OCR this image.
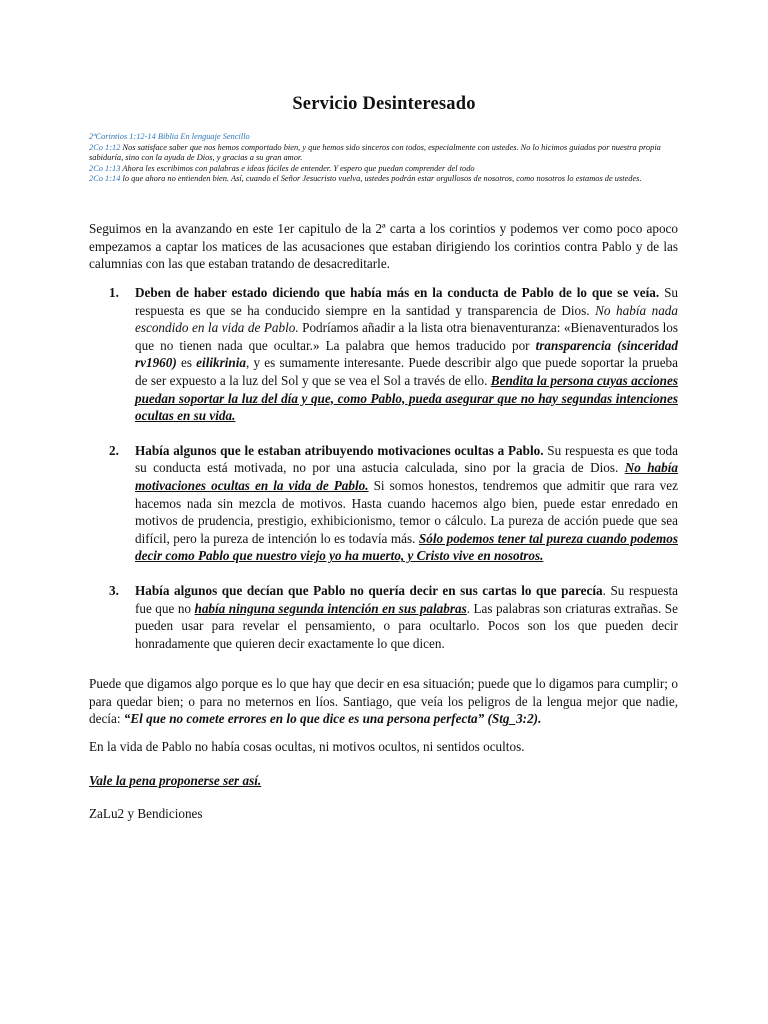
Servicio Desinteresado
2ªCorintios 1:12-14 Biblia En lenguaje Sencillo
2Co 1:12 Nos satisface saber que nos hemos comportado bien, y que hemos sido sinceros con todos, especialmente con ustedes. No lo hicimos guiados por nuestra propia sabiduría, sino con la ayuda de Dios, y gracias a su gran amor.
2Co 1:13 Ahora les escribimos con palabras e ideas fáciles de entender. Y espero que puedan comprender del todo
2Co 1:14 lo que ahora no entienden bien. Así, cuando el Señor Jesucristo vuelva, ustedes podrán estar orgullosos de nosotros, como nosotros lo estamos de ustedes.
Seguimos en la avanzando en este 1er capitulo de la 2ª carta a los corintios y podemos ver como poco apoco empezamos a captar los matices de las acusaciones que estaban dirigiendo los corintios contra Pablo y de las calumnias con las que estaban tratando de desacreditarle.
1. Deben de haber estado diciendo que había más en la conducta de Pablo de lo que se veía. Su respuesta es que se ha conducido siempre en la santidad y transparencia de Dios. No había nada escondido en la vida de Pablo. Podríamos añadir a la lista otra bienaventuranza: «Bienaventurados los que no tienen nada que ocultar.» La palabra que hemos traducido por transparencia (sinceridad rv1960) es eilikrinia, y es sumamente interesante. Puede describir algo que puede soportar la prueba de ser expuesto a la luz del Sol y que se vea el Sol a través de ello. Bendita la persona cuyas acciones puedan soportar la luz del día y que, como Pablo, pueda asegurar que no hay segundas intenciones ocultas en su vida.
2. Había algunos que le estaban atribuyendo motivaciones ocultas a Pablo. Su respuesta es que toda su conducta está motivada, no por una astucia calculada, sino por la gracia de Dios. No había motivaciones ocultas en la vida de Pablo. Si somos honestos, tendremos que admitir que rara vez hacemos nada sin mezcla de motivos. Hasta cuando hacemos algo bien, puede estar enredado en motivos de prudencia, prestigio, exhibicionismo, temor o cálculo. La pureza de acción puede que sea difícil, pero la pureza de intención lo es todavía más. Sólo podemos tener tal pureza cuando podemos decir como Pablo que nuestro viejo yo ha muerto, y Cristo vive en nosotros.
3. Había algunos que decían que Pablo no quería decir en sus cartas lo que parecía. Su respuesta fue que no había ninguna segunda intención en sus palabras. Las palabras son criaturas extrañas. Se pueden usar para revelar el pensamiento, o para ocultarlo. Pocos son los que pueden decir honradamente que quieren decir exactamente lo que dicen.
Puede que digamos algo porque es lo que hay que decir en esa situación; puede que lo digamos para cumplir; o para quedar bien; o para no meternos en líos. Santiago, que veía los peligros de la lengua mejor que nadie, decía: “El que no comete errores en lo que dice es una persona perfecta” (Stg_3:2).
En la vida de Pablo no había cosas ocultas, ni motivos ocultos, ni sentidos ocultos.
Vale la pena proponerse ser así.
ZaLu2 y Bendiciones
